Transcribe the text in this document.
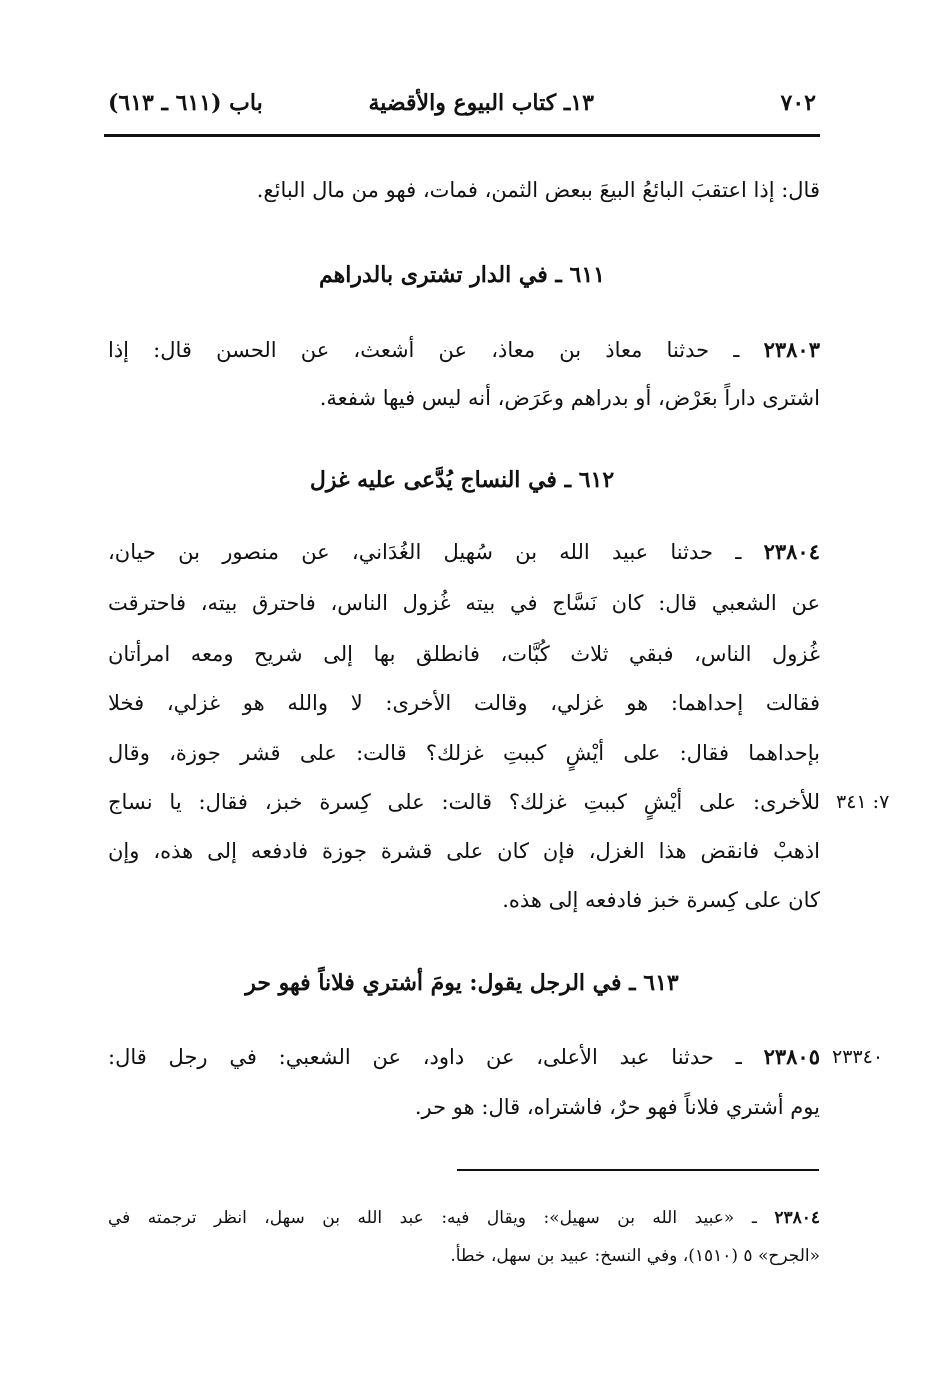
٧٠٢
١٣ـ كتاب البيوع والأقضية
باب (٦١١ ـ ٦١٣)
قال: إذا اعتقبَ البائعُ البيعَ ببعض الثمن، فمات، فهو من مال البائع.
٦١١ ـ في الدار تشترى بالدراهم
٢٣٨٠٣ ـ حدثنا معاذ بن معاذ، عن أشعث، عن الحسن قال: إذا
اشترى داراً بعَرْض، أو بدراهم وعَرَض، أنه ليس فيها شفعة.
٦١٢ ـ في النساج يُدَّعى عليه غزل
٢٣٨٠٤ ـ حدثنا عبيد الله بن سُهيل الغُدَاني، عن منصور بن حيان،
عن الشعبي قال: كان نَسَّاج في بيته غُزول الناس، فاحترق بيته، فاحترقت
غُزول الناس، فبقي ثلاث كُبَّات، فانطلق بها إلى شريح ومعه امرأتان
فقالت إحداهما: هو غزلي، وقالت الأخرى: لا والله هو غزلي، فخلا
بإحداهما فقال: على أيْشٍ كببتِ غزلك؟ قالت: على قشر جوزة، وقال
للأخرى: على أيْشٍ كببتِ غزلك؟ قالت: على كِسرة خبز، فقال: يا نساج
اذهبْ فانقض هذا الغزل، فإن كان على قشرة جوزة فادفعه إلى هذه، وإن
كان على كِسرة خبز فادفعه إلى هذه.
٧: ٣٤١
٦١٣ ـ في الرجل يقول: يومَ أشتري فلاناً فهو حر
٢٣٨٠٥ ـ حدثنا عبد الأعلى، عن داود، عن الشعبي: في رجل قال:
يوم أشتري فلاناً فهو حرٌ، فاشتراه، قال: هو حر.
٢٣٣٤٠
٢٣٨٠٤ ـ «عبيد الله بن سهيل»: ويقال فيه: عبد الله بن سهل، انظر ترجمته في
«الجرح» ٥ (١٥١٠)، وفي النسخ: عبيد بن سهل، خطأ.
